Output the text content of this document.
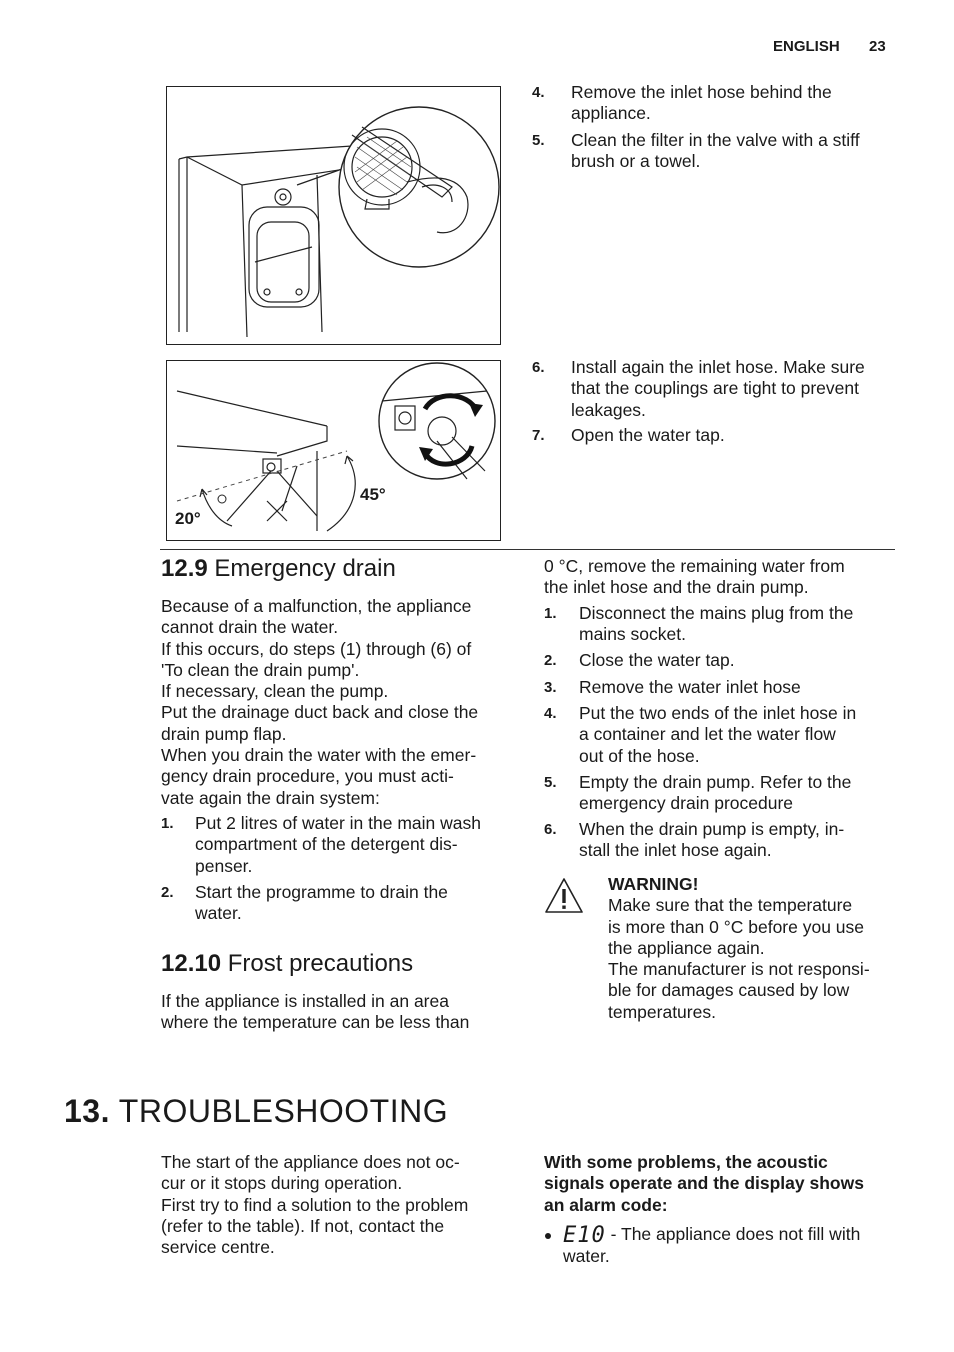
ENGLISH 23
4. Remove the inlet hose behind the appliance.
5. Clean the filter in the valve with a stiff brush or a towel.
20°
45°
6. Install again the inlet hose. Make sure that the couplings are tight to prevent leakages.
7. Open the water tap.
12.9 Emergency drain
Because of a malfunction, the appliance
cannot drain the water.
If this occurs, do steps (1) through (6) of
'To clean the drain pump'.
If necessary, clean the pump.
Put the drainage duct back and close the
drain pump flap.
When you drain the water with the emer-
gency drain procedure, you must acti-
vate again the drain system:
1. Put 2 litres of water in the main wash
compartment of the detergent dis-
penser.
2. Start the programme to drain the
water.
12.10 Frost precautions
If the appliance is installed in an area
where the temperature can be less than
0 °C, remove the remaining water from
the inlet hose and the drain pump.
1. Disconnect the mains plug from the
mains socket.
2. Close the water tap.
3. Remove the water inlet hose
4. Put the two ends of the inlet hose in
a container and let the water flow
out of the hose.
5. Empty the drain pump. Refer to the
emergency drain procedure
6. When the drain pump is empty, in-
stall the inlet hose again.
WARNING!
Make sure that the temperature
is more than 0 °C before you use
the appliance again.
The manufacturer is not responsi-
ble for damages caused by low
temperatures.
13. TROUBLESHOOTING
The start of the appliance does not oc-
cur or it stops during operation.
First try to find a solution to the problem
(refer to the table). If not, contact the
service centre.
With some problems, the acoustic
signals operate and the display shows
an alarm code:
E10 - The appliance does not fill with
water.
